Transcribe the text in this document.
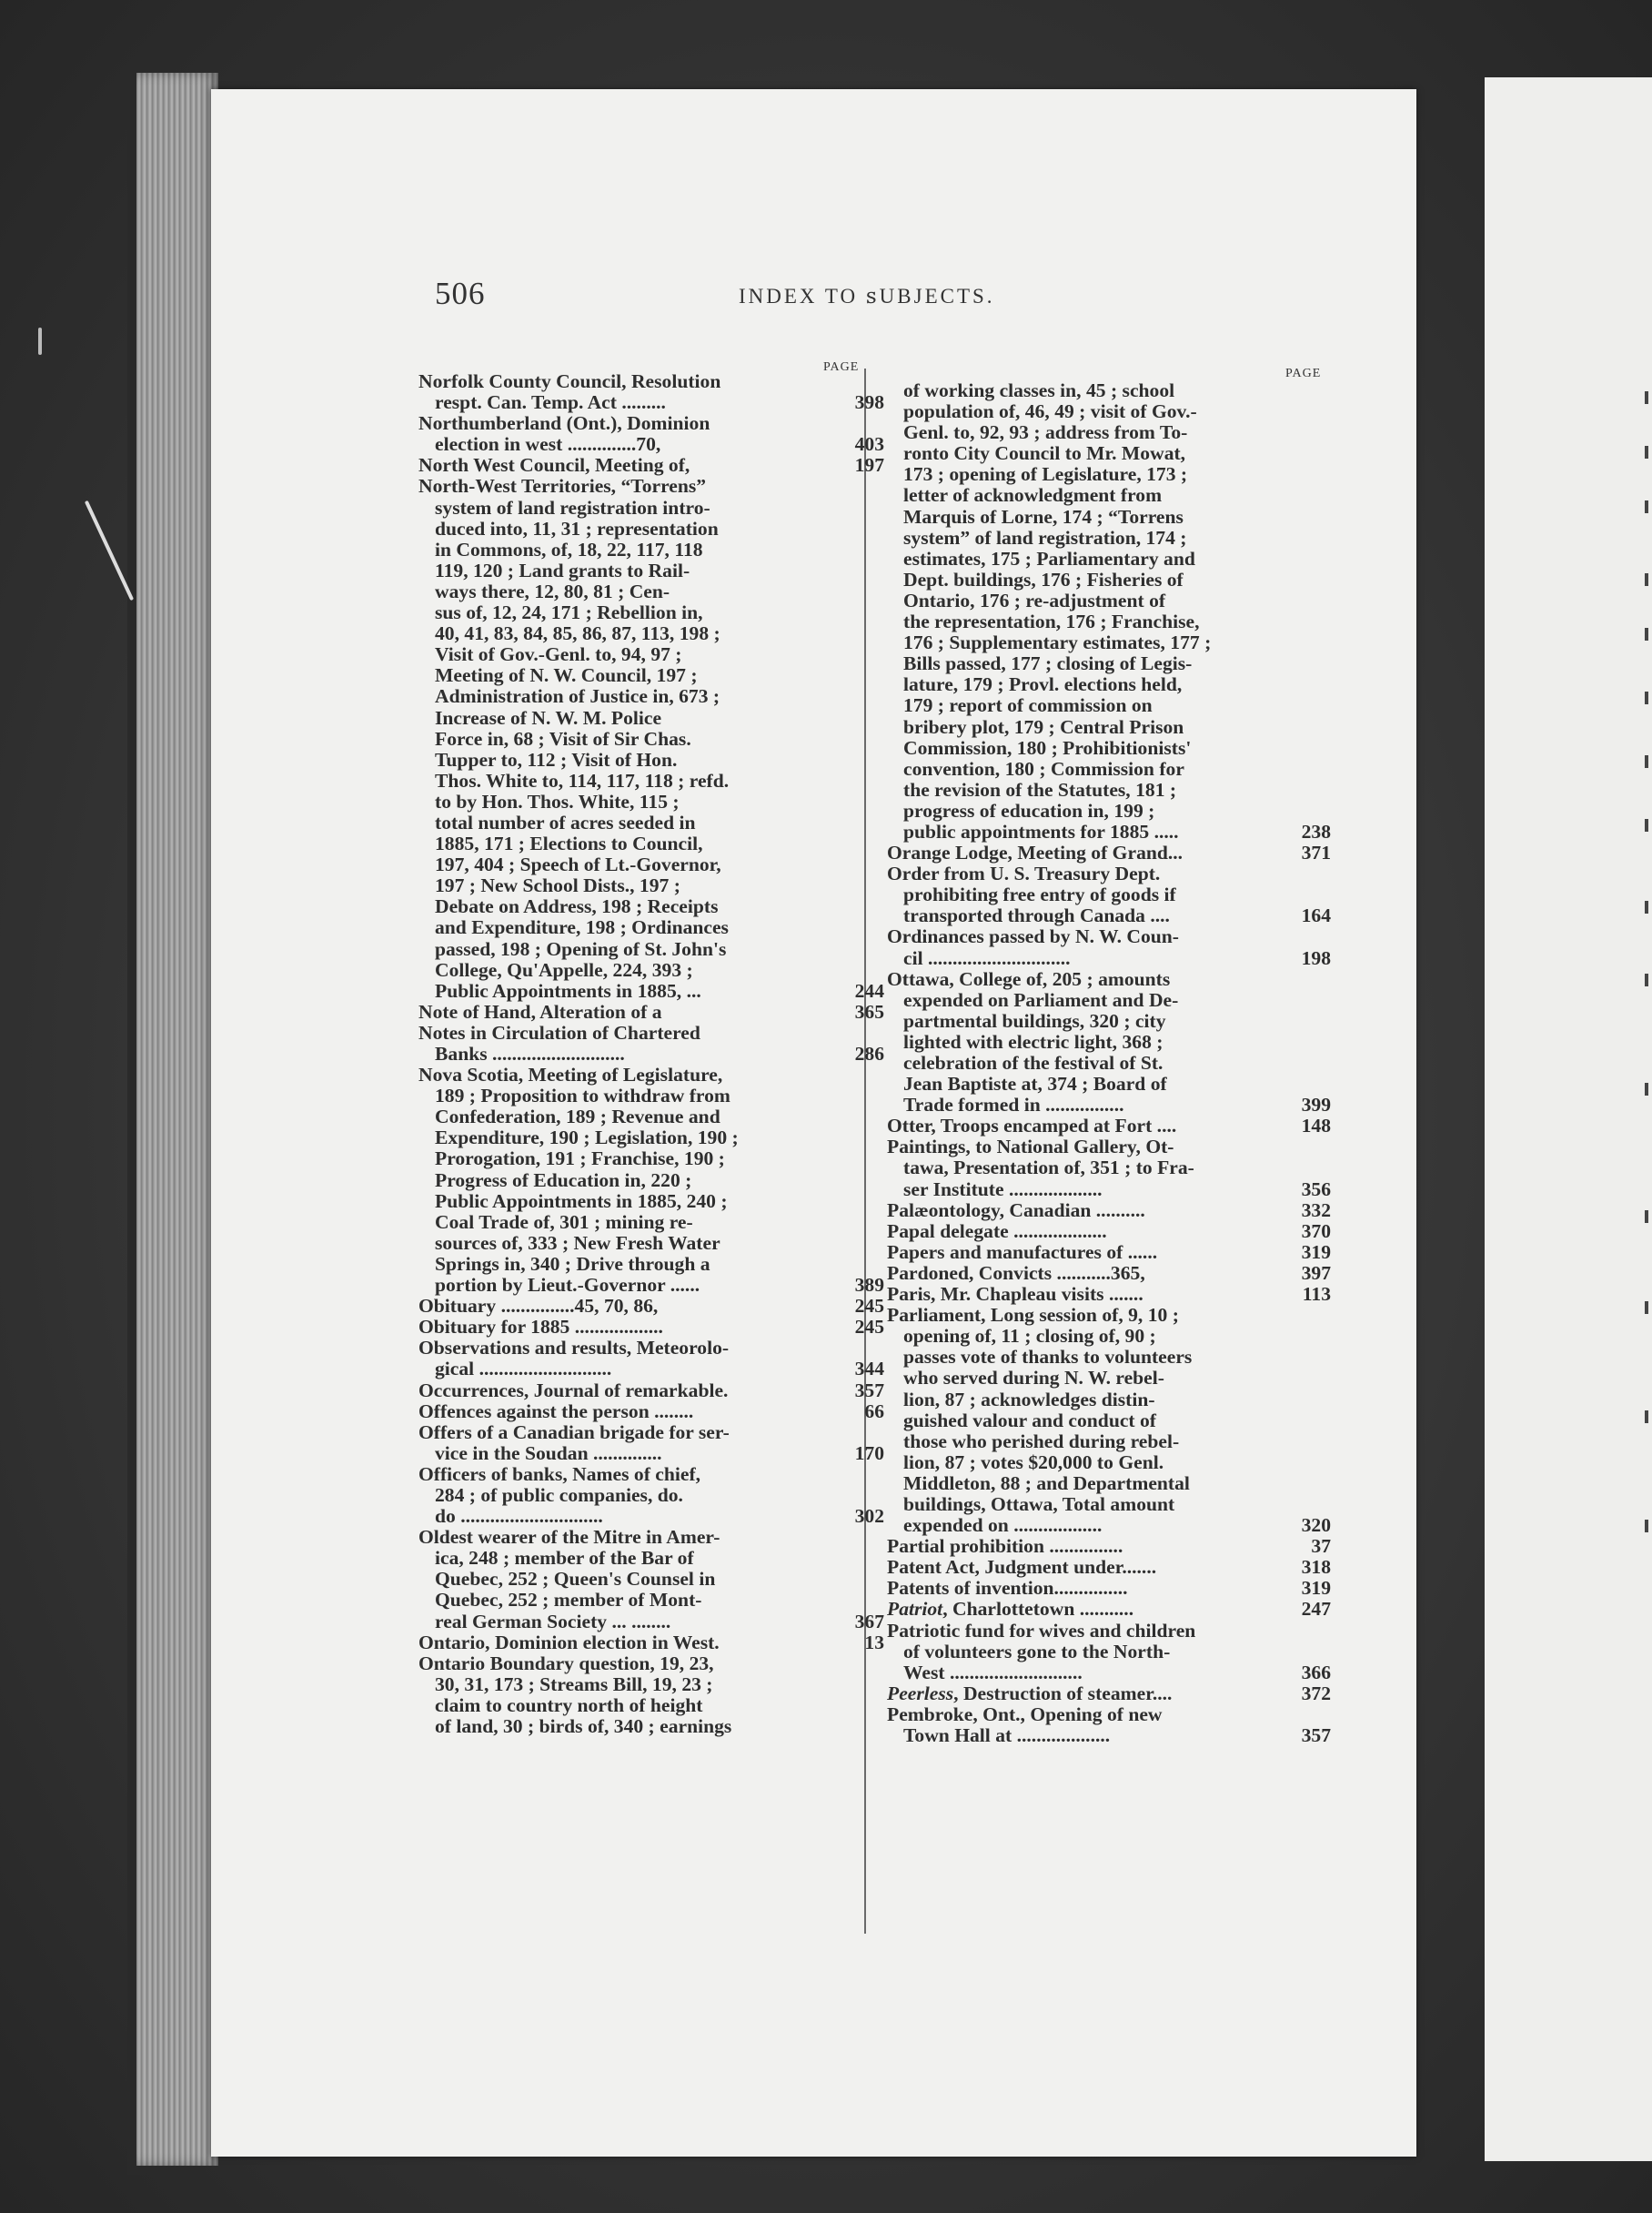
506	INDEX TO ꜱUBJECTS.
PAGE	PAGE
Norfolk County Council, Resolution
respt. Can. Temp. Act .........	398
Northumberland (Ont.), Dominion
election in west ..............70,	403
North West Council, Meeting of,	197
North-West Territories, “Torrens”
system of land registration intro-
duced into, 11, 31 ; representation
in Commons, of, 18, 22, 117, 118
119, 120 ; Land grants to Rail-
ways there, 12, 80, 81 ; Cen-
sus of, 12, 24, 171 ; Rebellion in,
40, 41, 83, 84, 85, 86, 87, 113, 198 ;
Visit of Gov.-Genl. to, 94, 97 ;
Meeting of N. W. Council, 197 ;
Administration of Justice in, 673 ;
Increase of N. W. M. Police
Force in, 68 ; Visit of Sir Chas.
Tupper to, 112 ; Visit of Hon.
Thos. White to, 114, 117, 118 ; refd.
to by Hon. Thos. White, 115 ;
total number of acres seeded in
1885, 171 ; Elections to Council,
197, 404 ; Speech of Lt.-Governor,
197 ; New School Dists., 197 ;
Debate on Address, 198 ; Receipts
and Expenditure, 198 ; Ordinances
passed, 198 ; Opening of St. John's
College, Qu'Appelle, 224, 393 ;
Public Appointments in 1885, ...	244
Note of Hand, Alteration of a	365
Notes in Circulation of Chartered
Banks ...........................	286
Nova Scotia, Meeting of Legislature,
189 ; Proposition to withdraw from
Confederation, 189 ; Revenue and
Expenditure, 190 ; Legislation, 190 ;
Prorogation, 191 ; Franchise, 190 ;
Progress of Education in, 220 ;
Public Appointments in 1885, 240 ;
Coal Trade of, 301 ; mining re-
sources of, 333 ; New Fresh Water
Springs in, 340 ; Drive through a
portion by Lieut.-Governor ......	389
Obituary ...............45, 70, 86,	245
Obituary for 1885 ..................	245
Observations and results, Meteorolo-
gical ...........................	344
Occurrences, Journal of remarkable.	357
Offences against the person ........	66
Offers of a Canadian brigade for ser-
vice in the Soudan ..............	170
Officers of banks, Names of chief,
284 ; of public companies, do.
do .............................	302
Oldest wearer of the Mitre in Amer-
ica, 248 ; member of the Bar of
Quebec, 252 ; Queen's Counsel in
Quebec, 252 ; member of Mont-
real German Society ... ........	367
Ontario, Dominion election in West.	13
Ontario Boundary question, 19, 23,
30, 31, 173 ; Streams Bill, 19, 23 ;
claim to country north of height
of land, 30 ; birds of, 340 ; earnings
of working classes in, 45 ; school
population of, 46, 49 ; visit of Gov.-
Genl. to, 92, 93 ; address from To-
ronto City Council to Mr. Mowat,
173 ; opening of Legislature, 173 ;
letter of acknowledgment from
Marquis of Lorne, 174 ; “Torrens
system” of land registration, 174 ;
estimates, 175 ; Parliamentary and
Dept. buildings, 176 ; Fisheries of
Ontario, 176 ; re-adjustment of
the representation, 176 ; Franchise,
176 ; Supplementary estimates, 177 ;
Bills passed, 177 ; closing of Legis-
lature, 179 ; Provl. elections held,
179 ; report of commission on
bribery plot, 179 ; Central Prison
Commission, 180 ; Prohibitionists'
convention, 180 ; Commission for
the revision of the Statutes, 181 ;
progress of education in, 199 ;
public appointments for 1885 .....	238
Orange Lodge, Meeting of Grand...	371
Order from U. S. Treasury Dept.
prohibiting free entry of goods if
transported through Canada ....	164
Ordinances passed by N. W. Coun-
cil .............................	198
Ottawa, College of, 205 ; amounts
expended on Parliament and De-
partmental buildings, 320 ; city
lighted with electric light, 368 ;
celebration of the festival of St.
Jean Baptiste at, 374 ; Board of
Trade formed in ................	399
Otter, Troops encamped at Fort ....	148
Paintings, to National Gallery, Ot-
tawa, Presentation of, 351 ; to Fra-
ser Institute ...................	356
Palæontology, Canadian ..........	332
Papal delegate ...................	370
Papers and manufactures of ......	319
Pardoned, Convicts ...........365,	397
Paris, Mr. Chapleau visits .......	113
Parliament, Long session of, 9, 10 ;
opening of, 11 ; closing of, 90 ;
passes vote of thanks to volunteers
who served during N. W. rebel-
lion, 87 ; acknowledges distin-
guished valour and conduct of
those who perished during rebel-
lion, 87 ; votes $20,000 to Genl.
Middleton, 88 ; and Departmental
buildings, Ottawa, Total amount
expended on ..................	320
Partial prohibition ...............	37
Patent Act, Judgment under.......	318
Patents of invention...............	319
Patriot, Charlottetown ...........	247
Patriotic fund for wives and children
of volunteers gone to the North-
West ...........................	366
Peerless, Destruction of steamer....	372
Pembroke, Ont., Opening of new
Town Hall at ...................	357
